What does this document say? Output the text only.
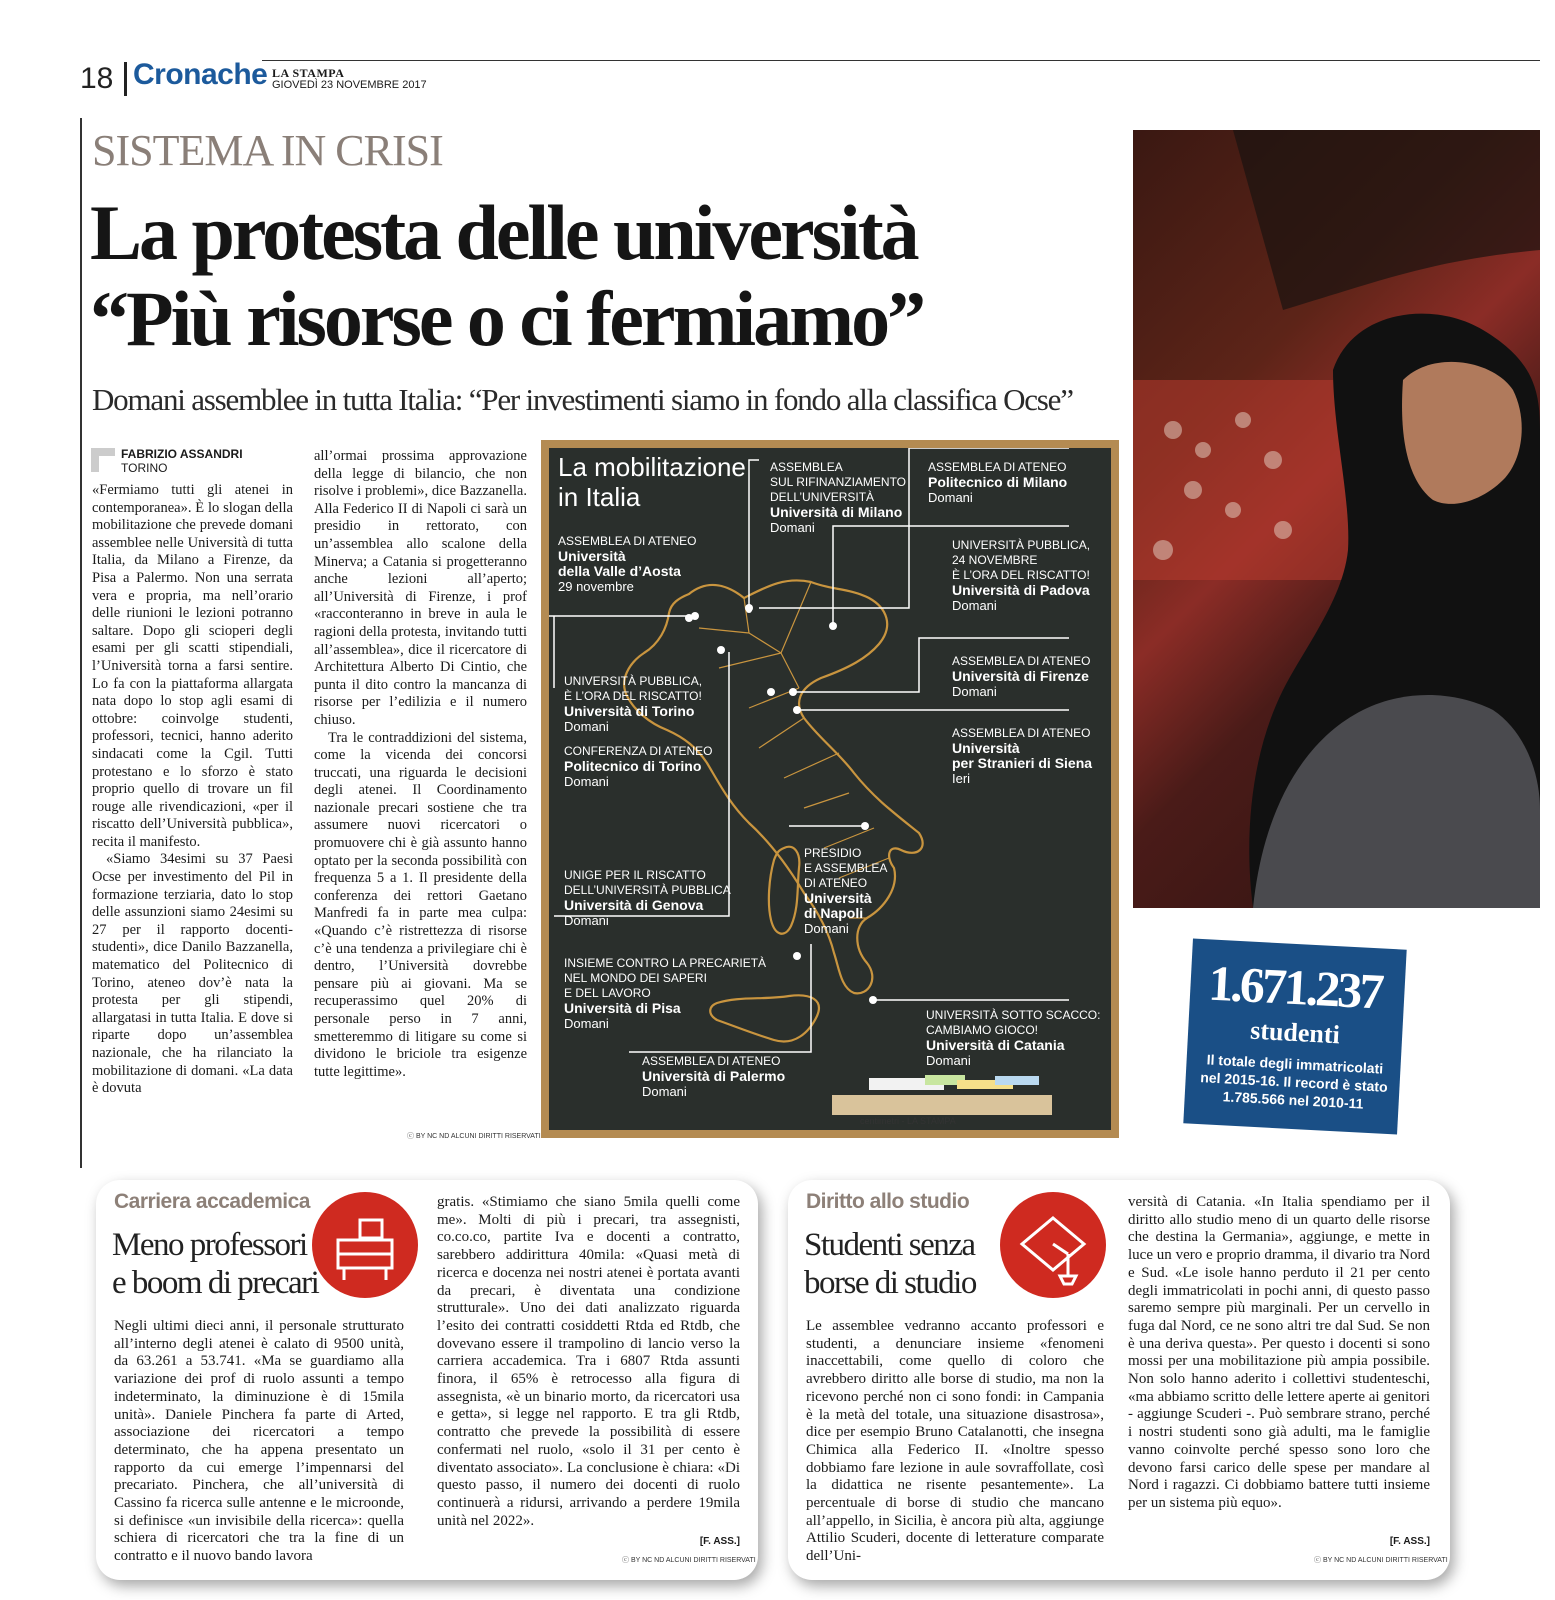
18 Cronache LA STAMPA
GIOVEDÌ 23 NOVEMBRE 2017
SISTEMA IN CRISI
La protesta delle università
“Più risorse o ci fermiamo”
Domani assemblee in tutta Italia: “Per investimenti siamo in fondo alla classifica Ocse”
FABRIZIO ASSANDRI
TORINO

«Fermiamo tutti gli atenei in contemporanea». È lo slogan della mobilitazione che prevede domani assemblee nelle Università di tutta Italia, da Milano a Firenze, da Pisa a Palermo. Non una serrata vera e propria, ma nell’orario delle riunioni le lezioni potranno saltare. Dopo gli scioperi degli esami per gli scatti stipendiali, l’Università torna a farsi sentire. Lo fa con la piattaforma allargata nata dopo lo stop agli esami di ottobre: coinvolge studenti, professori, tecnici, hanno aderito sindacati come la Cgil. Tutti protestano e lo sforzo è stato proprio quello di trovare un fil rouge alle rivendicazioni, «per il riscatto dell’Università pubblica», recita il manifesto.

«Siamo 34esimi su 37 Paesi Ocse per investimento del Pil in formazione terziaria, dato lo stop delle assunzioni siamo 24esimi su 27 per il rapporto docenti-studenti», dice Danilo Bazzanella, matematico del Politecnico di Torino, ateneo dov’è nata la protesta per gli stipendi, allargatasi in tutta Italia. E dove si riparte dopo un’assemblea nazionale, che ha rilanciato la mobilitazione di domani. «La data è dovuta

all’ormai prossima approvazione della legge di bilancio, che non risolve i problemi», dice Bazzanella. Alla Federico II di Napoli ci sarà un presidio in rettorato, con un’assemblea allo scalone della Minerva; a Catania si progetteranno anche lezioni all’aperto; all’Università di Firenze, i prof «racconteranno in breve in aula le ragioni della protesta, invitando tutti all’assemblea», dice il ricercatore di Architettura Alberto Di Cintio, che punta il dito contro la mancanza di risorse per l’edilizia e il numero chiuso.

Tra le contraddizioni del sistema, come la vicenda dei concorsi truccati, una riguarda le decisioni degli atenei. Il Coordinamento nazionale precari sostiene che tra assumere nuovi ricercatori o promuovere chi è già assunto hanno optato per la seconda possibilità con frequenza 5 a 1. Il presidente della conferenza dei rettori Gaetano Manfredi fa in parte mea culpa: «Quando c’è ristrettezza di risorse c’è una tendenza a privilegiare chi è dentro, l’Università dovrebbe pensare più ai giovani. Ma se recuperassimo quel 20% di personale perso in 7 anni, smetteremmo di litigare su come si dividono le briciole tra esigenze tutte legittime».

ⓒ BY NC ND ALCUNI DIRITTI RISERVATI
La mobilitazione
in Italia
ASSEMBLEA DI ATENEO
Università
della Valle d’Aosta
29 novembre
ASSEMBLEA
SUL RIFINANZIAMENTO
DELL’UNIVERSITÀ
Università di Milano
Domani
ASSEMBLEA DI ATENEO
Politecnico di Milano
Domani
UNIVERSITÀ PUBBLICA,
24 NOVEMBRE
È L’ORA DEL RISCATTO!
Università di Padova
Domani
UNIVERSITÀ PUBBLICA,
È L’ORA DEL RISCATTO!
Università di Torino
Domani
ASSEMBLEA DI ATENEO
Università di Firenze
Domani
CONFERENZA DI ATENEO
Politecnico di Torino
Domani
ASSEMBLEA DI ATENEO
Università
per Stranieri di Siena
Ieri
PRESIDIO
E ASSEMBLEA
DI ATENEO
Università
di Napoli
Domani
UNIGE PER IL RISCATTO
DELL’UNIVERSITÀ PUBBLICA
Università di Genova
Domani
INSIEME CONTRO LA PRECARIETÀ
NEL MONDO DEI SAPERI
E DEL LAVORO
Università di Pisa
Domani
UNIVERSITÀ SOTTO SCACCO:
CAMBIAMO GIOCO!
Università di Catania
Domani
ASSEMBLEA DI ATENEO
Università di Palermo
Domani
centimetri - LA STAMPA
1.671.237
studenti
Il totale degli immatricolati nel 2015-16. Il record è stato 1.785.566 nel 2010-11
Carriera accademica
Meno professori
e boom di precari
Negli ultimi dieci anni, il personale strutturato all’interno degli atenei è calato di 9500 unità, da 63.261 a 53.741. «Ma se guardiamo alla variazione dei prof di ruolo assunti a tempo indeterminato, la diminuzione è di 15mila unità». Daniele Pinchera fa parte di Arted, associazione dei ricercatori a tempo determinato, che ha appena presentato un rapporto da cui emerge l’impennarsi del precariato. Pinchera, che all’università di Cassino fa ricerca sulle antenne e le microonde, si definisce «un invisibile della ricerca»: quella schiera di ricercatori che tra la fine di un contratto e il nuovo bando lavora
gratis. «Stimiamo che siano 5mila quelli come me». Molti di più i precari, tra assegnisti, co.co.co, partite Iva e docenti a contratto, sarebbero addirittura 40mila: «Quasi metà di ricerca e docenza nei nostri atenei è portata avanti da precari, è diventata una condizione strutturale». Uno dei dati analizzato riguarda l’esito dei contratti cosiddetti Rtda ed Rtdb, che dovevano essere il trampolino di lancio verso la carriera accademica. Tra i 6807 Rtda assunti finora, il 65% è retrocesso alla figura di assegnista, «è un binario morto, da ricercatori usa e getta», si legge nel rapporto. E tra gli Rtdb, contratto che prevede la possibilità di essere confermati nel ruolo, «solo il 31 per cento è diventato associato». La conclusione è chiara: «Di questo passo, il numero dei docenti di ruolo continuerà a ridursi, arrivando a perdere 19mila unità nel 2022».
[F. ASS.]
ⓒ BY NC ND ALCUNI DIRITTI RISERVATI
Diritto allo studio
Studenti senza
borse di studio
Le assemblee vedranno accanto professori e studenti, a denunciare insieme «fenomeni inaccettabili, come quello di coloro che avrebbero diritto alle borse di studio, ma non la ricevono perché non ci sono fondi: in Campania è la metà del totale, una situazione disastrosa», dice per esempio Bruno Catalanotti, che insegna Chimica alla Federico II. «Inoltre spesso dobbiamo fare lezione in aule sovraffollate, così la didattica ne risente pesantemente». La percentuale di borse di studio che mancano all’appello, in Sicilia, è ancora più alta, aggiunge Attilio Scuderi, docente di letterature comparate dell’Uni-
versità di Catania. «In Italia spendiamo per il diritto allo studio meno di un quarto delle risorse che destina la Germania», aggiunge, e mette in luce un vero e proprio dramma, il divario tra Nord e Sud. «Le isole hanno perduto il 21 per cento degli immatricolati in pochi anni, di questo passo saremo sempre più marginali. Per un cervello in fuga dal Nord, ce ne sono altri tre dal Sud. Se non è una deriva questa». Per questo i docenti si sono mossi per una mobilitazione più ampia possibile. Non solo hanno aderito i collettivi studenteschi, «ma abbiamo scritto delle lettere aperte ai genitori - aggiunge Scuderi -. Può sembrare strano, perché i nostri studenti sono già adulti, ma le famiglie vanno coinvolte perché spesso sono loro che devono farsi carico delle spese per mandare al Nord i ragazzi. Ci dobbiamo battere tutti insieme per un sistema più equo».
[F. ASS.]
ⓒ BY NC ND ALCUNI DIRITTI RISERVATI
